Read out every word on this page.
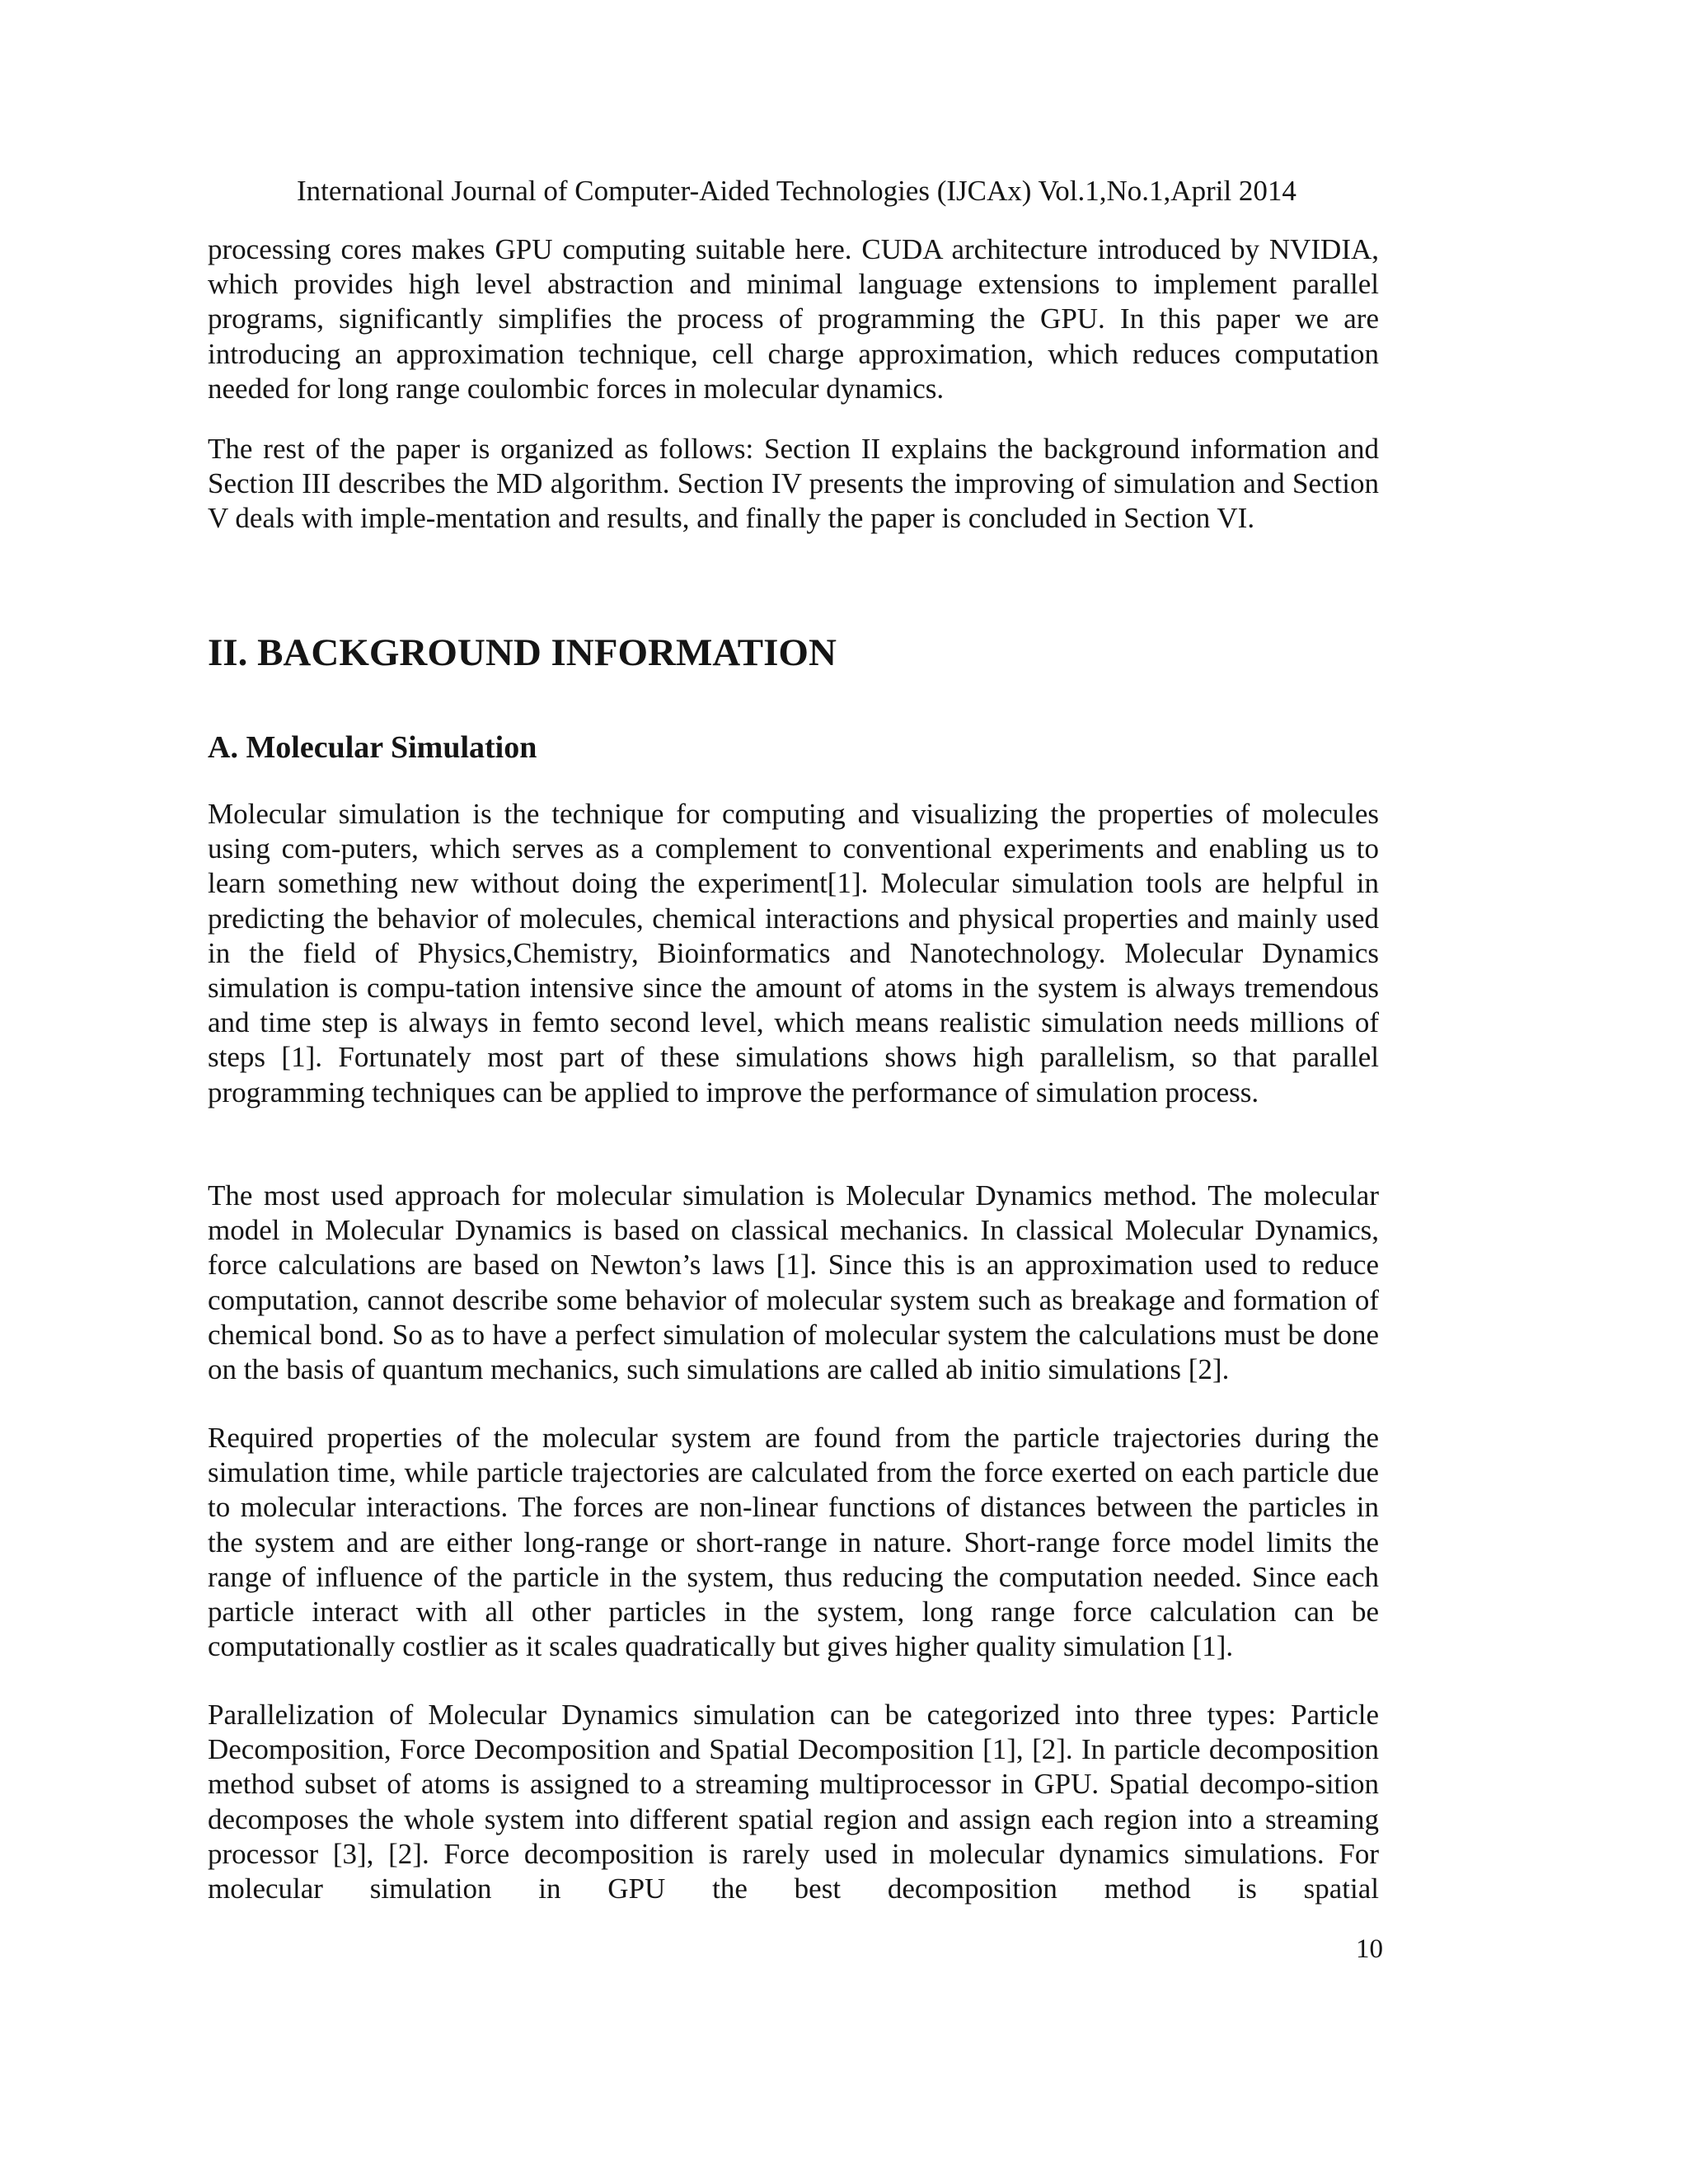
International Journal of Computer-Aided Technologies (IJCAx) Vol.1,No.1,April 2014

processing cores makes GPU computing suitable here. CUDA architecture introduced by NVIDIA, which provides high level abstraction and minimal language extensions to implement parallel programs, significantly simplifies the process of programming the GPU. In this paper we are introducing an approximation technique, cell charge approximation, which reduces computation needed for long range coulombic forces in molecular dynamics.

The rest of the paper is organized as follows: Section II explains the background information and Section III describes the MD algorithm. Section IV presents the improving of simulation and Section V deals with imple-mentation and results, and finally the paper is concluded in Section VI.

II. BACKGROUND INFORMATION
A. Molecular Simulation

Molecular simulation is the technique for computing and visualizing the properties of molecules using com-puters, which serves as a complement to conventional experiments and enabling us to learn something new without doing the experiment[1]. Molecular simulation tools are helpful in predicting the behavior of molecules, chemical interactions and physical properties and mainly used in the field of Physics,Chemistry, Bioinformatics and Nanotechnology. Molecular Dynamics simulation is compu-tation intensive since the amount of atoms in the system is always tremendous and time step is always in femto second level, which means realistic simulation needs millions of steps [1]. Fortunately most part of these simulations shows high parallelism, so that parallel programming techniques can be applied to improve the performance of simulation process.

The most used approach for molecular simulation is Molecular Dynamics method. The molecular model in Molecular Dynamics is based on classical mechanics. In classical Molecular Dynamics, force calculations are based on Newton’s laws [1]. Since this is an approximation used to reduce computation, cannot describe some behavior of molecular system such as breakage and formation of chemical bond. So as to have a perfect simulation of molecular system the calculations must be done on the basis of quantum mechanics, such simulations are called ab initio simulations [2].

Required properties of the molecular system are found from the particle trajectories during the simulation time, while particle trajectories are calculated from the force exerted on each particle due to molecular interactions. The forces are non-linear functions of distances between the particles in the system and are either long-range or short-range in nature. Short-range force model limits the range of influence of the particle in the system, thus reducing the computation needed. Since each particle interact with all other particles in the system, long range force calculation can be computationally costlier as it scales quadratically but gives higher quality simulation [1].

Parallelization of Molecular Dynamics simulation can be categorized into three types: Particle Decomposition, Force Decomposition and Spatial Decomposition [1], [2]. In particle decomposition method subset of atoms is assigned to a streaming multiprocessor in GPU. Spatial decompo-sition decomposes the whole system into different spatial region and assign each region into a streaming processor [3], [2]. Force decomposition is rarely used in molecular dynamics simulations. For molecular simulation in GPU the best decomposition method is spatial

10
